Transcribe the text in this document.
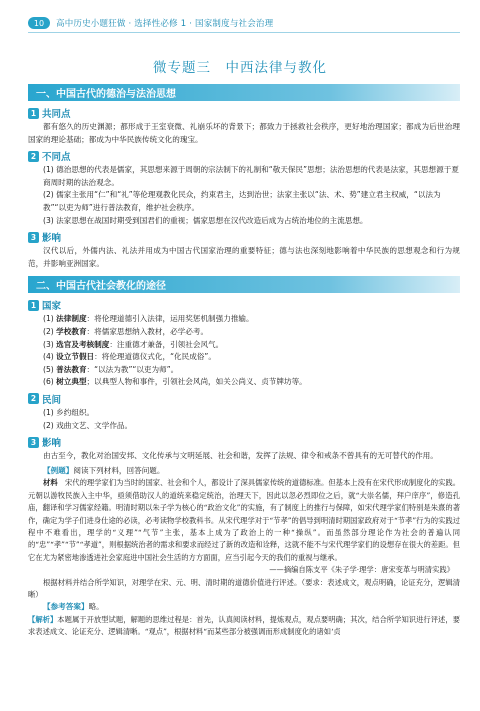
10	高中历史小题狂做 · 选择性必修 1 · 国家制度与社会治理
微专题三　中西法律与教化
一、中国古代的德治与法治思想
1 共同点

都有悠久的历史渊源；都形成于王室衰微、礼崩乐坏的背景下；都致力于拯救社会秩序，更好地治理国家；都成为后世治理国家的理论基础；都成为中华民族传统文化的瑰宝。

2 不同点

(1) 德治思想的代表是儒家，其思想来源于周朝的宗法制下的礼制和“敬天保民”思想；法治思想的代表是法家，其思想源于夏商周时期的法治观念。

(2) 儒家主张用“仁”和“礼”等伦理观教化民众，约束君主，达到治世；法家主张以“法、术、势”建立君主权威，“以法为教”“以吏为师”进行普法教育，维护社会秩序。

(3) 法家思想在战国时期受到国君们的重视；儒家思想在汉代改造后成为占统治地位的主流思想。

3 影响

汉代以后，外儒内法、礼法并用成为中国古代国家治理的重要特征；德与法也深刻地影响着中华民族的思想观念和行为规范，并影响亚洲国家。

二、中国古代社会教化的途径
1 国家

(1) 法律制度：将伦理道德引入法律，运用奖惩机制强力推输。

(2) 学校教育：将儒家思想纳入教材，必学必考。

(3) 选官及考核制度：注重德才兼备，引领社会风气。

(4) 设立节假日：将伦理道德仪式化，“化民成俗”。

(5) 普法教育：“以法为教”“以吏为师”。

(6) 树立典型；以典型人物和事件，引领社会风尚，如关公尚义、贞节牌坊等。

2 民间

(1) 乡约组织。

(2) 戏曲文艺、文学作品。

3 影响

由古至今，教化对治国安邦、文化传承与文明延展、社会和谐，发挥了法规、律令和戒条不曾具有的无可替代的作用。

【例题】阅读下列材料，回答问题。

材料　 宋代的理学家们为当时的国家、社会和个人，都设计了深具儒家传统的道德标准。但基本上没有在宋代形成制度化的实践。元朝以游牧民族入主中华，亟须借助汉人的道统来稳定统治，治理天下，因此以忽必烈即位之后，就“大崇名儒，拜户庠序”，修造孔庙，翻译和学习儒家经籍。明清时期以朱子学为核心的“政治文化”的实施，有了制度上的推行与保障，如宋代理学家们特别是朱熹的著作，确定为学子们进身仕途的必读，必考读物学校教科书。从宋代理学对于“节孝”的倡导到明清时期国家政府对于“节孝”行为的实践过程中不难看出，理学的“义理”“气节”主张，基本上成为了政治上的一种“操纵”。而虽然部分理论作为社会的普遍认同的“忠”“孝”“节”“孝道”，则根据统治者的需求和要求而经过了新的改造和诠释，这就不能不与宋代理学家们的设想存在很大的差距。但它在尤为紧密地渗透进社会家庭进中国社会生活的方方面面，应当引起今天的我们的重视与继承。

——摘编自陈支平《朱子学·理学：唐宋变革与明清实践》

根据材料并结合所学知识，对理学在宋、元、明、清时期的道德价值进行评述。（要求：表述成文，观点明确，论证充分，逻辑清晰）

【参考答案】略。

【解析】本题属于开放型试题，解题的思维过程是：首先，认真阅读材料，提炼观点，观点要明确；其次，结合所学知识进行评述，要求表述成文、论证充分、逻辑清晰。“观点”，根据材料“而某些部分被强调而形成制度化的诸如‘贞
